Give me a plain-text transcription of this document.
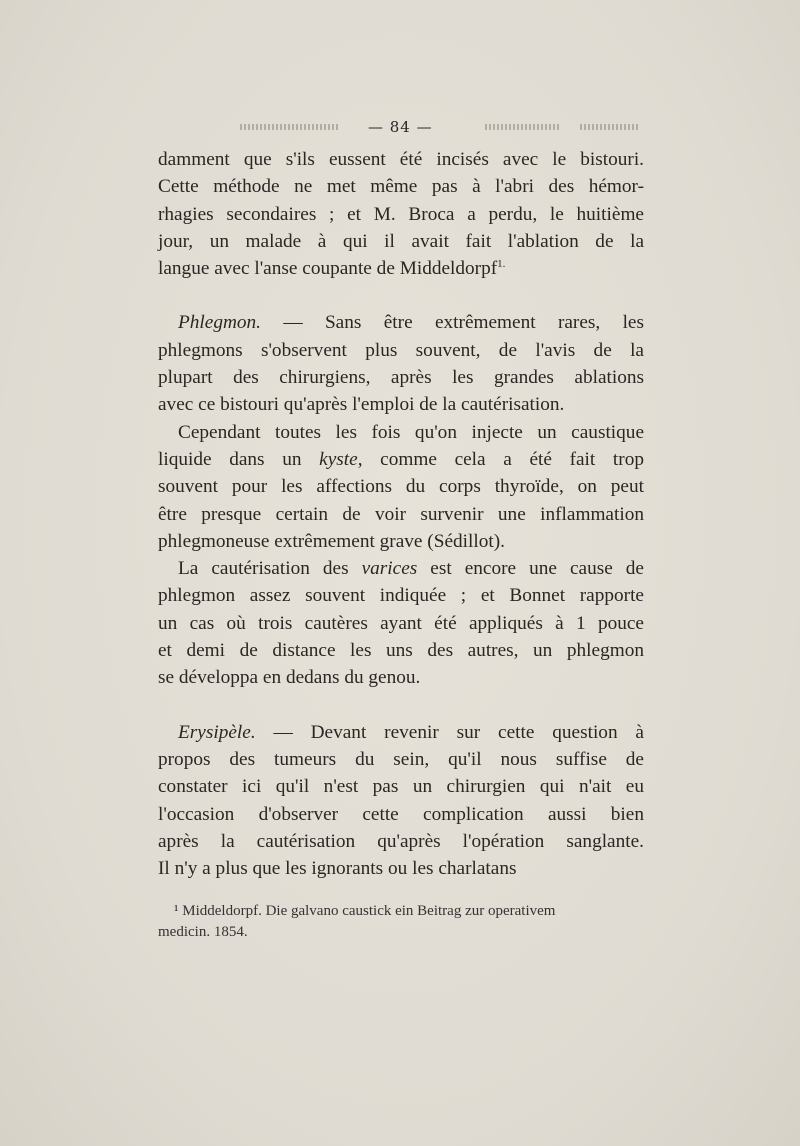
— 84 —

damment que s'ils eussent été incisés avec le bistouri.
Cette méthode ne met même pas à l'abri des hémor-
rhagies secondaires ; et M. Broca a perdu, le huitième
jour, un malade à qui il avait fait l'ablation de la
langue avec l'anse coupante de Middeldorpf$^{1.}$

Phlegmon. — Sans être extrêmement rares, les
phlegmons s'observent plus souvent, de l'avis de la
plupart des chirurgiens, après les grandes ablations
avec ce bistouri qu'après l'emploi de la cautérisation.

Cependant toutes les fois qu'on injecte un caustique
liquide dans un kyste, comme cela a été fait trop
souvent pour les affections du corps thyroïde, on peut
être presque certain de voir survenir une inflammation
phlegmoneuse extrêmement grave (Sédillot).

La cautérisation des varices est encore une cause de
phlegmon assez souvent indiquée ; et Bonnet rapporte
un cas où trois cautères ayant été appliqués à 1 pouce
et demi de distance les uns des autres, un phlegmon
se développa en dedans du genou.

Erysipèle. — Devant revenir sur cette question à
propos des tumeurs du sein, qu'il nous suffise de
constater ici qu'il n'est pas un chirurgien qui n'ait eu
l'occasion d'observer cette complication aussi bien
après la cautérisation qu'après l'opération sanglante.
Il n'y a plus que les ignorants ou les charlatans

¹ Middeldorpf. Die galvano caustick ein Beitrag zur operativem
medicin. 1854.
